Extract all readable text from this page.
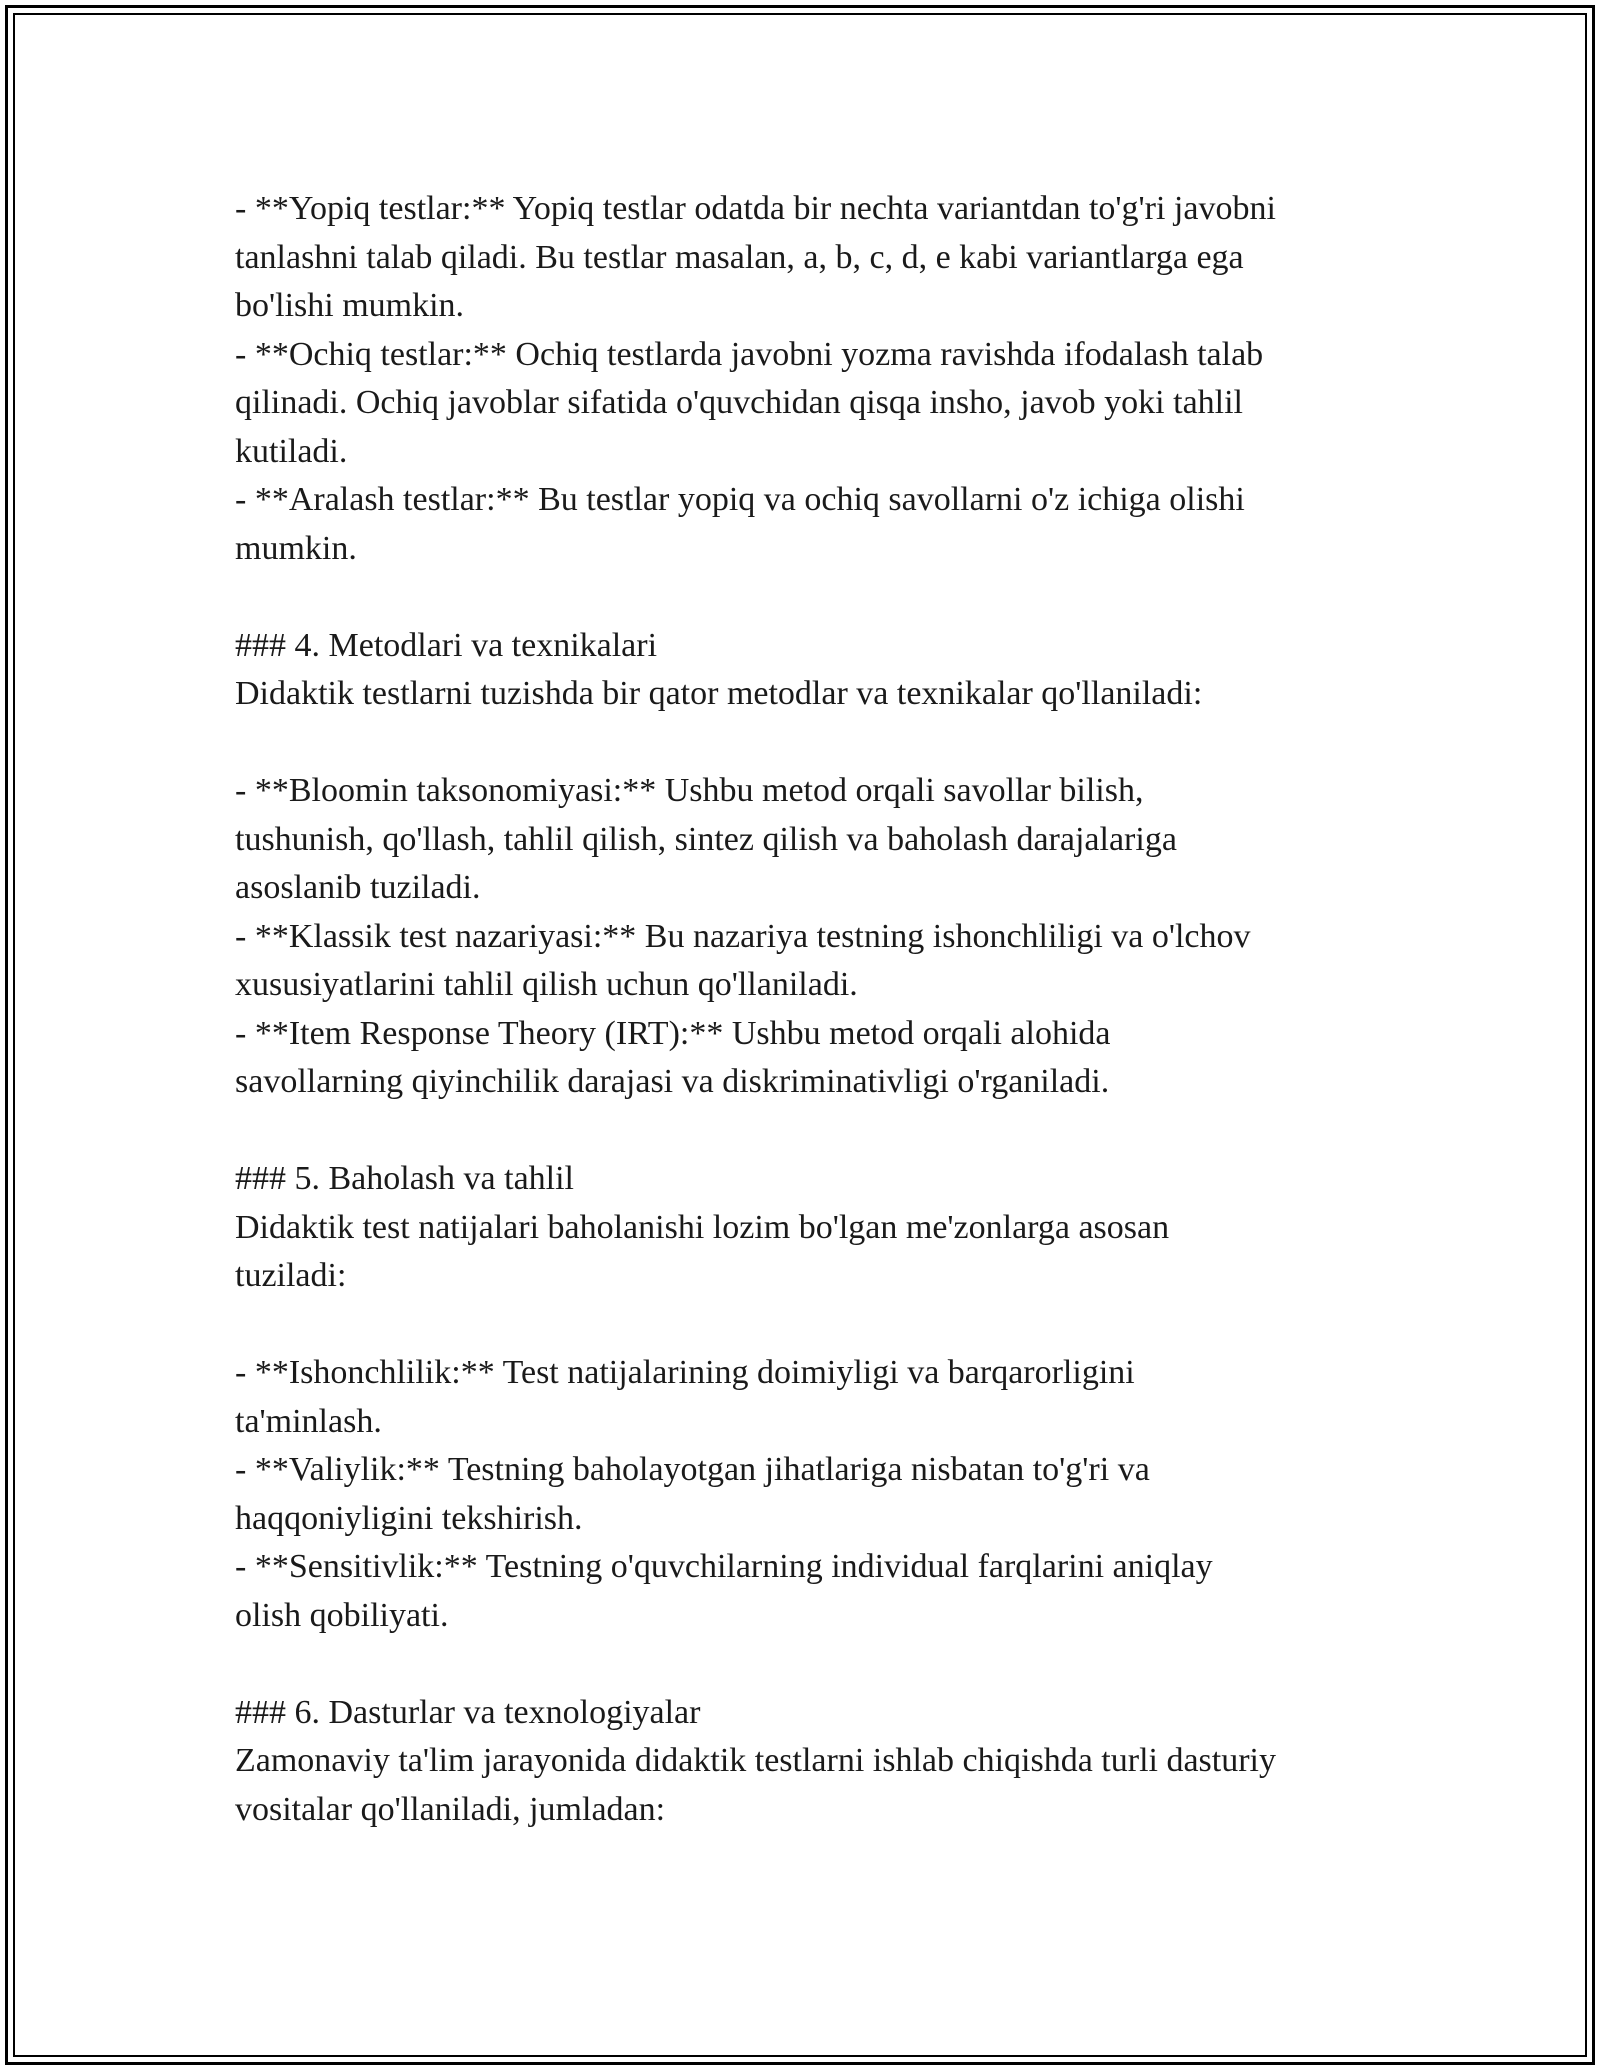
- **Yopiq testlar:** Yopiq testlar odatda bir nechta variantdan to'g'ri javobni
tanlashni talab qiladi. Bu testlar masalan, a, b, c, d, e kabi variantlarga ega
bo'lishi mumkin.
- **Ochiq testlar:** Ochiq testlarda javobni yozma ravishda ifodalash talab
qilinadi. Ochiq javoblar sifatida o'quvchidan qisqa insho, javob yoki tahlil
kutiladi.
- **Aralash testlar:** Bu testlar yopiq va ochiq savollarni o'z ichiga olishi
mumkin.
### 4. Metodlari va texnikalari
Didaktik testlarni tuzishda bir qator metodlar va texnikalar qo'llaniladi:
- **Bloomin taksonomiyasi:** Ushbu metod orqali savollar bilish,
tushunish, qo'llash, tahlil qilish, sintez qilish va baholash darajalariga
asoslanib tuziladi.
- **Klassik test nazariyasi:** Bu nazariya testning ishonchliligi va o'lchov
xususiyatlarini tahlil qilish uchun qo'llaniladi.
- **Item Response Theory (IRT):** Ushbu metod orqali alohida
savollarning qiyinchilik darajasi va diskriminativligi o'rganiladi.
### 5. Baholash va tahlil
Didaktik test natijalari baholanishi lozim bo'lgan me'zonlarga asosan
tuziladi:
- **Ishonchlilik:** Test natijalarining doimiyligi va barqarorligini
ta'minlash.
- **Valiylik:** Testning baholayotgan jihatlariga nisbatan to'g'ri va
haqqoniyligini tekshirish.
- **Sensitivlik:** Testning o'quvchilarning individual farqlarini aniqlay
olish qobiliyati.
### 6. Dasturlar va texnologiyalar
Zamonaviy ta'lim jarayonida didaktik testlarni ishlab chiqishda turli dasturiy
vositalar qo'llaniladi, jumladan:
